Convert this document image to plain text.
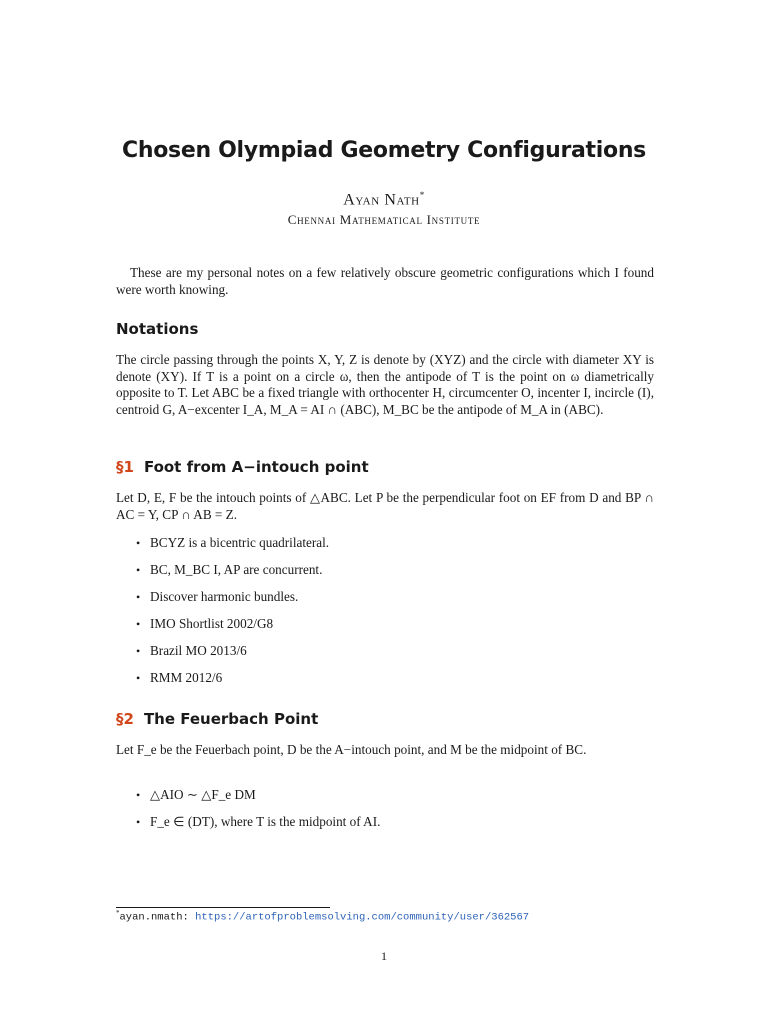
Chosen Olympiad Geometry Configurations
Ayan Nath*
Chennai Mathematical Institute
These are my personal notes on a few relatively obscure geometric configurations which I found were worth knowing.
Notations
The circle passing through the points X, Y, Z is denote by (XYZ) and the circle with diameter XY is denote (XY). If T is a point on a circle ω, then the antipode of T is the point on ω diametrically opposite to T. Let ABC be a fixed triangle with orthocenter H, circumcenter O, incenter I, incircle (I), centroid G, A−excenter I_A, M_A = AI ∩ (ABC), M_BC be the antipode of M_A in (ABC).
§1 Foot from A−intouch point
Let D, E, F be the intouch points of △ABC. Let P be the perpendicular foot on EF from D and BP ∩ AC = Y, CP ∩ AB = Z.
• BCYZ is a bicentric quadrilateral.
• BC, M_BC I, AP are concurrent.
• Discover harmonic bundles.
• IMO Shortlist 2002/G8
• Brazil MO 2013/6
• RMM 2012/6
§2 The Feuerbach Point
Let F_e be the Feuerbach point, D be the A−intouch point, and M be the midpoint of BC.
• △AIO ∼ △F_e DM
• F_e ∈ (DT), where T is the midpoint of AI.
*ayan.nmath: https://artofproblemsolving.com/community/user/362567
1
